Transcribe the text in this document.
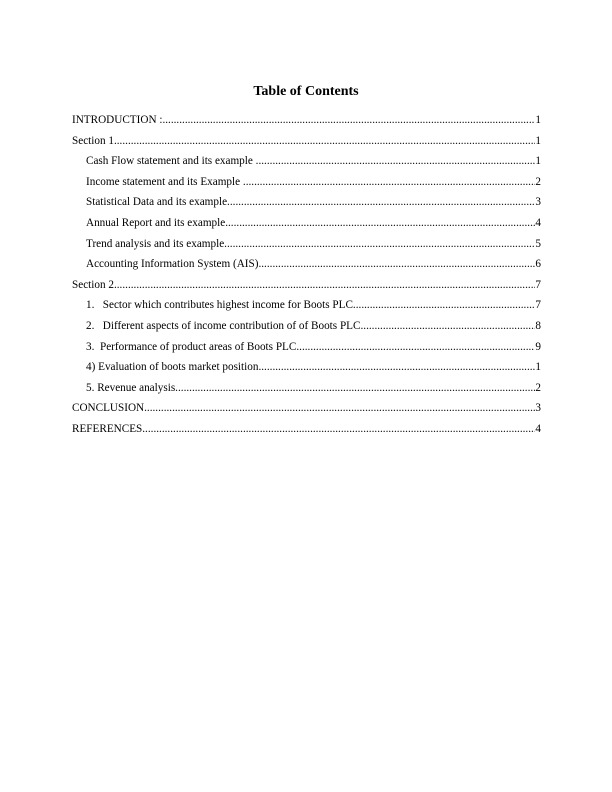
Table of Contents
INTRODUCTION : .....	1
Section 1 .....	1
Cash Flow statement and its example .....	1
Income statement and its Example .....	2
Statistical Data and its example .....	3
Annual Report and its example .....	4
Trend analysis and its example .....	5
Accounting Information System (AIS) .....	6
Section 2 .....	7
1.   Sector which contributes highest income for Boots PLC .....	7
2.   Different aspects of income contribution of of Boots PLC .....	8
3.  Performance of product areas of Boots PLC .....	9
4) Evaluation of boots market position .....	1
5. Revenue analysis .....	2
CONCLUSION .....	3
REFERENCES .....	4
